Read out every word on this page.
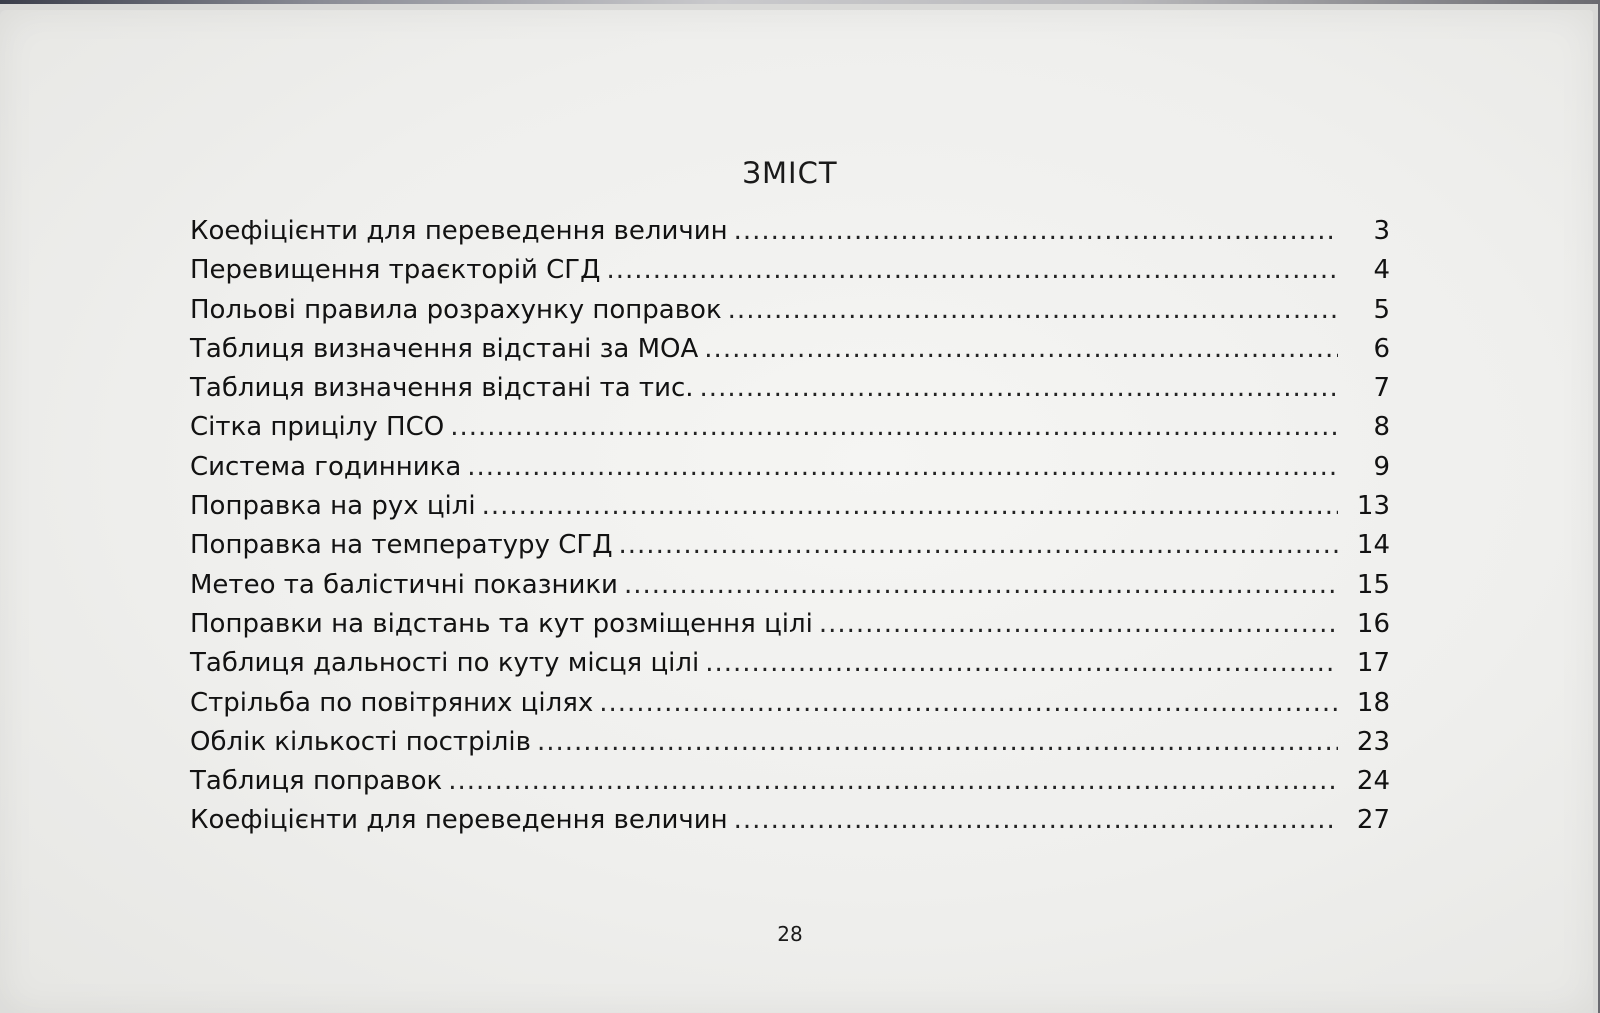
ЗМІСТ
Коефіцієнти для переведення величин .....	3
Перевищення траєкторій СГД .....	4
Польові правила розрахунку поправок .....	5
Таблиця визначення відстані за МОА .....	6
Таблиця визначення відстані та тис. .....	7
Сітка прицілу ПСО .....	8
Система годинника .....	9
Поправка на рух цілі .....	13
Поправка на температуру СГД .....	14
Метео та балістичні показники .....	15
Поправки на відстань та кут розміщення цілі .....	16
Таблиця дальності по куту місця цілі .....	17
Стрільба по повітряних цілях .....	18
Облік кількості пострілів .....	23
Таблиця поправок .....	24
Коефіцієнти для переведення величин .....	27
28
